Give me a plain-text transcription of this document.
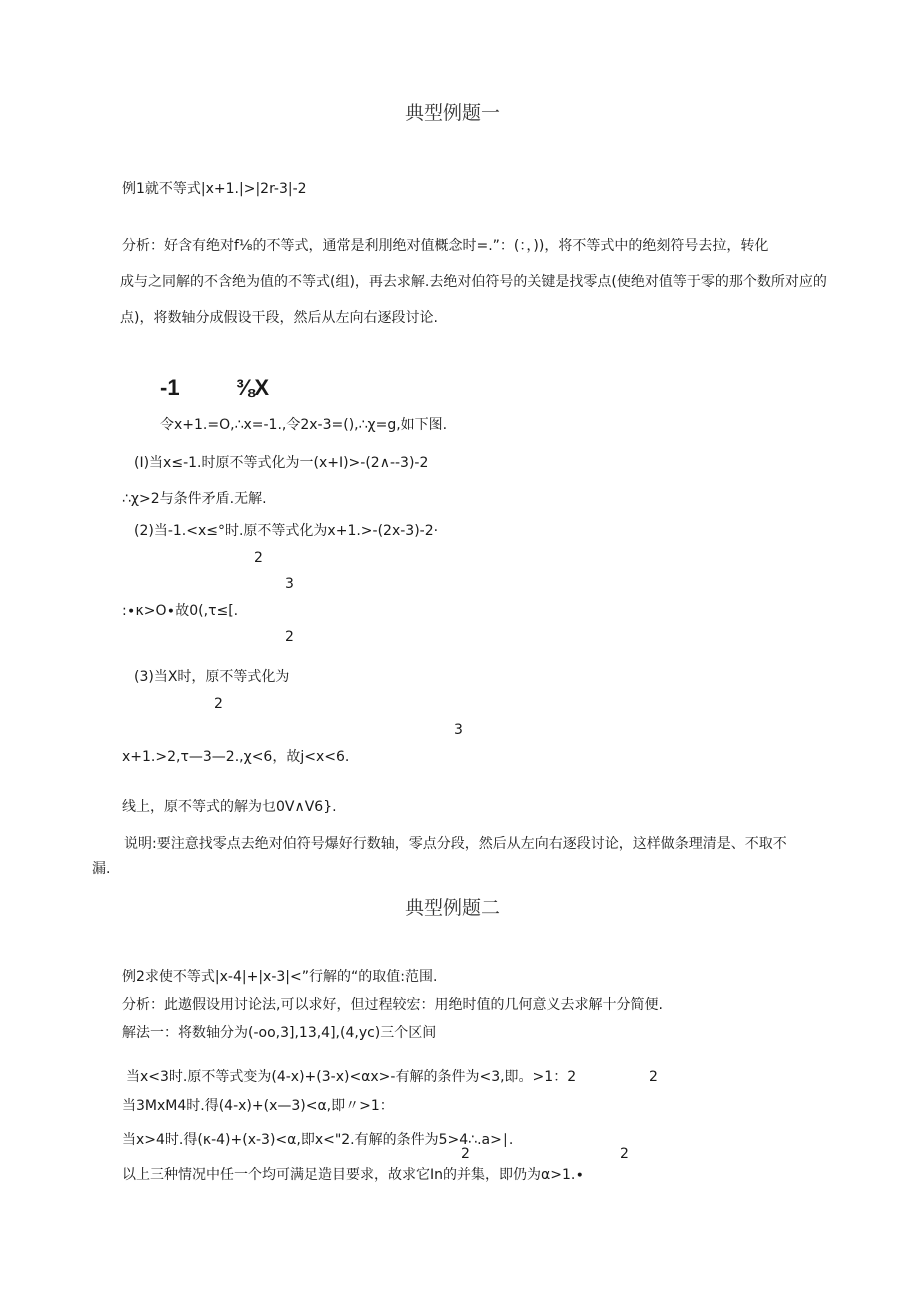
典型例题一
例1就不等式|x+1.|>|2r-3|-2
分析：好含有绝对f⅛的不等式，通常是利刖绝对值概念时=.”：(：，))，将不等式中的绝刻符号去拉，转化
成与之同解的不含绝为值的不等式(组)，再去求解.去绝对伯符号的关键是找零点(使绝对值等于零的那个数所对应的
点)，将数轴分成假设干段，然后从左向右逐段讨论.
-1	⅜X
令x+1.=O,∴x=-1.,令2x-3=(),∴χ=g,如下图.
(I)当x≤-1.时原不等式化为一(x+I)>-(2∧--3)-2
∴χ>2与条件矛盾.无解.
(2)当-1.<x≤°时.原不等式化为x+1.>-(2x-3)-2·
2
3
:∙κ>O∙故0(,τ≤[.
2
(3)当X时，原不等式化为
2
3
x+1.>2,τ—3—2.,χ<6，故j<x<6.
线上，原不等式的解为乜0V∧V6}.
说明:要注意找零点去绝对伯符号爆好行数轴，零点分段，然后从左向右逐段讨论，这样做条理清是、不取不
漏.
典型例题二
例2求使不等式|x-4|+|x-3|<”行解的“的取值:范围.
分析：此遨假设用讨论法,可以求好，但过程较宏：用绝时值的几何意义去求解十分简便.
解法一：将数轴分为(-oo,3],13,4],(4,yc)三个区间
当x<3时.原不等式变为(4-x)+(3-x)<αx>-有解的条件为<3,即。>1：2	2
当3MxM4时.得(4-x)+(x—3)<α,即〃>1：
当x>4时.得(κ-4)+(x-3)<α,即x<"2.有解的条件为5>4∴.a>∣.
2	2
以上三种情况中任一个均可满足造目要求，故求它In的并集，即仍为α>1.∙
